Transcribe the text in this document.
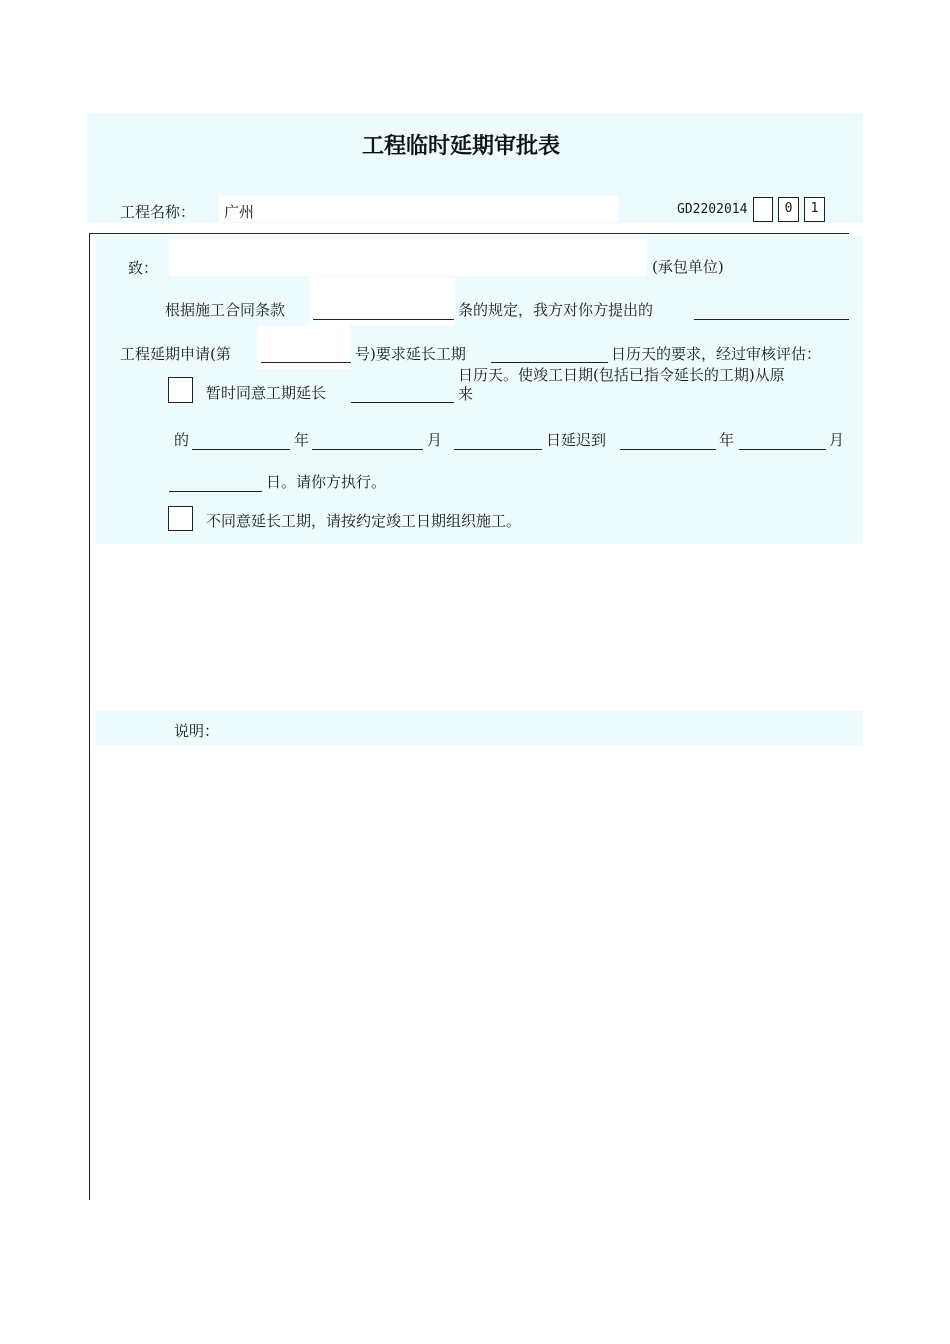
工程临时延期审批表
工程名称： 广州	GD2202014	0	1
致：	(承包单位)
根据施工合同条款	条的规定，我方对你方提出的
工程延期申请(第	号)要求延长工期	日历天的要求，经过审核评估：
暂时同意工期延长
日历天。使竣工日期(包括已指令延长的工期)从原
来
的	年	月	日延迟到	年	月
日。请你方执行。
不同意延长工期，请按约定竣工日期组织施工。
说明：
